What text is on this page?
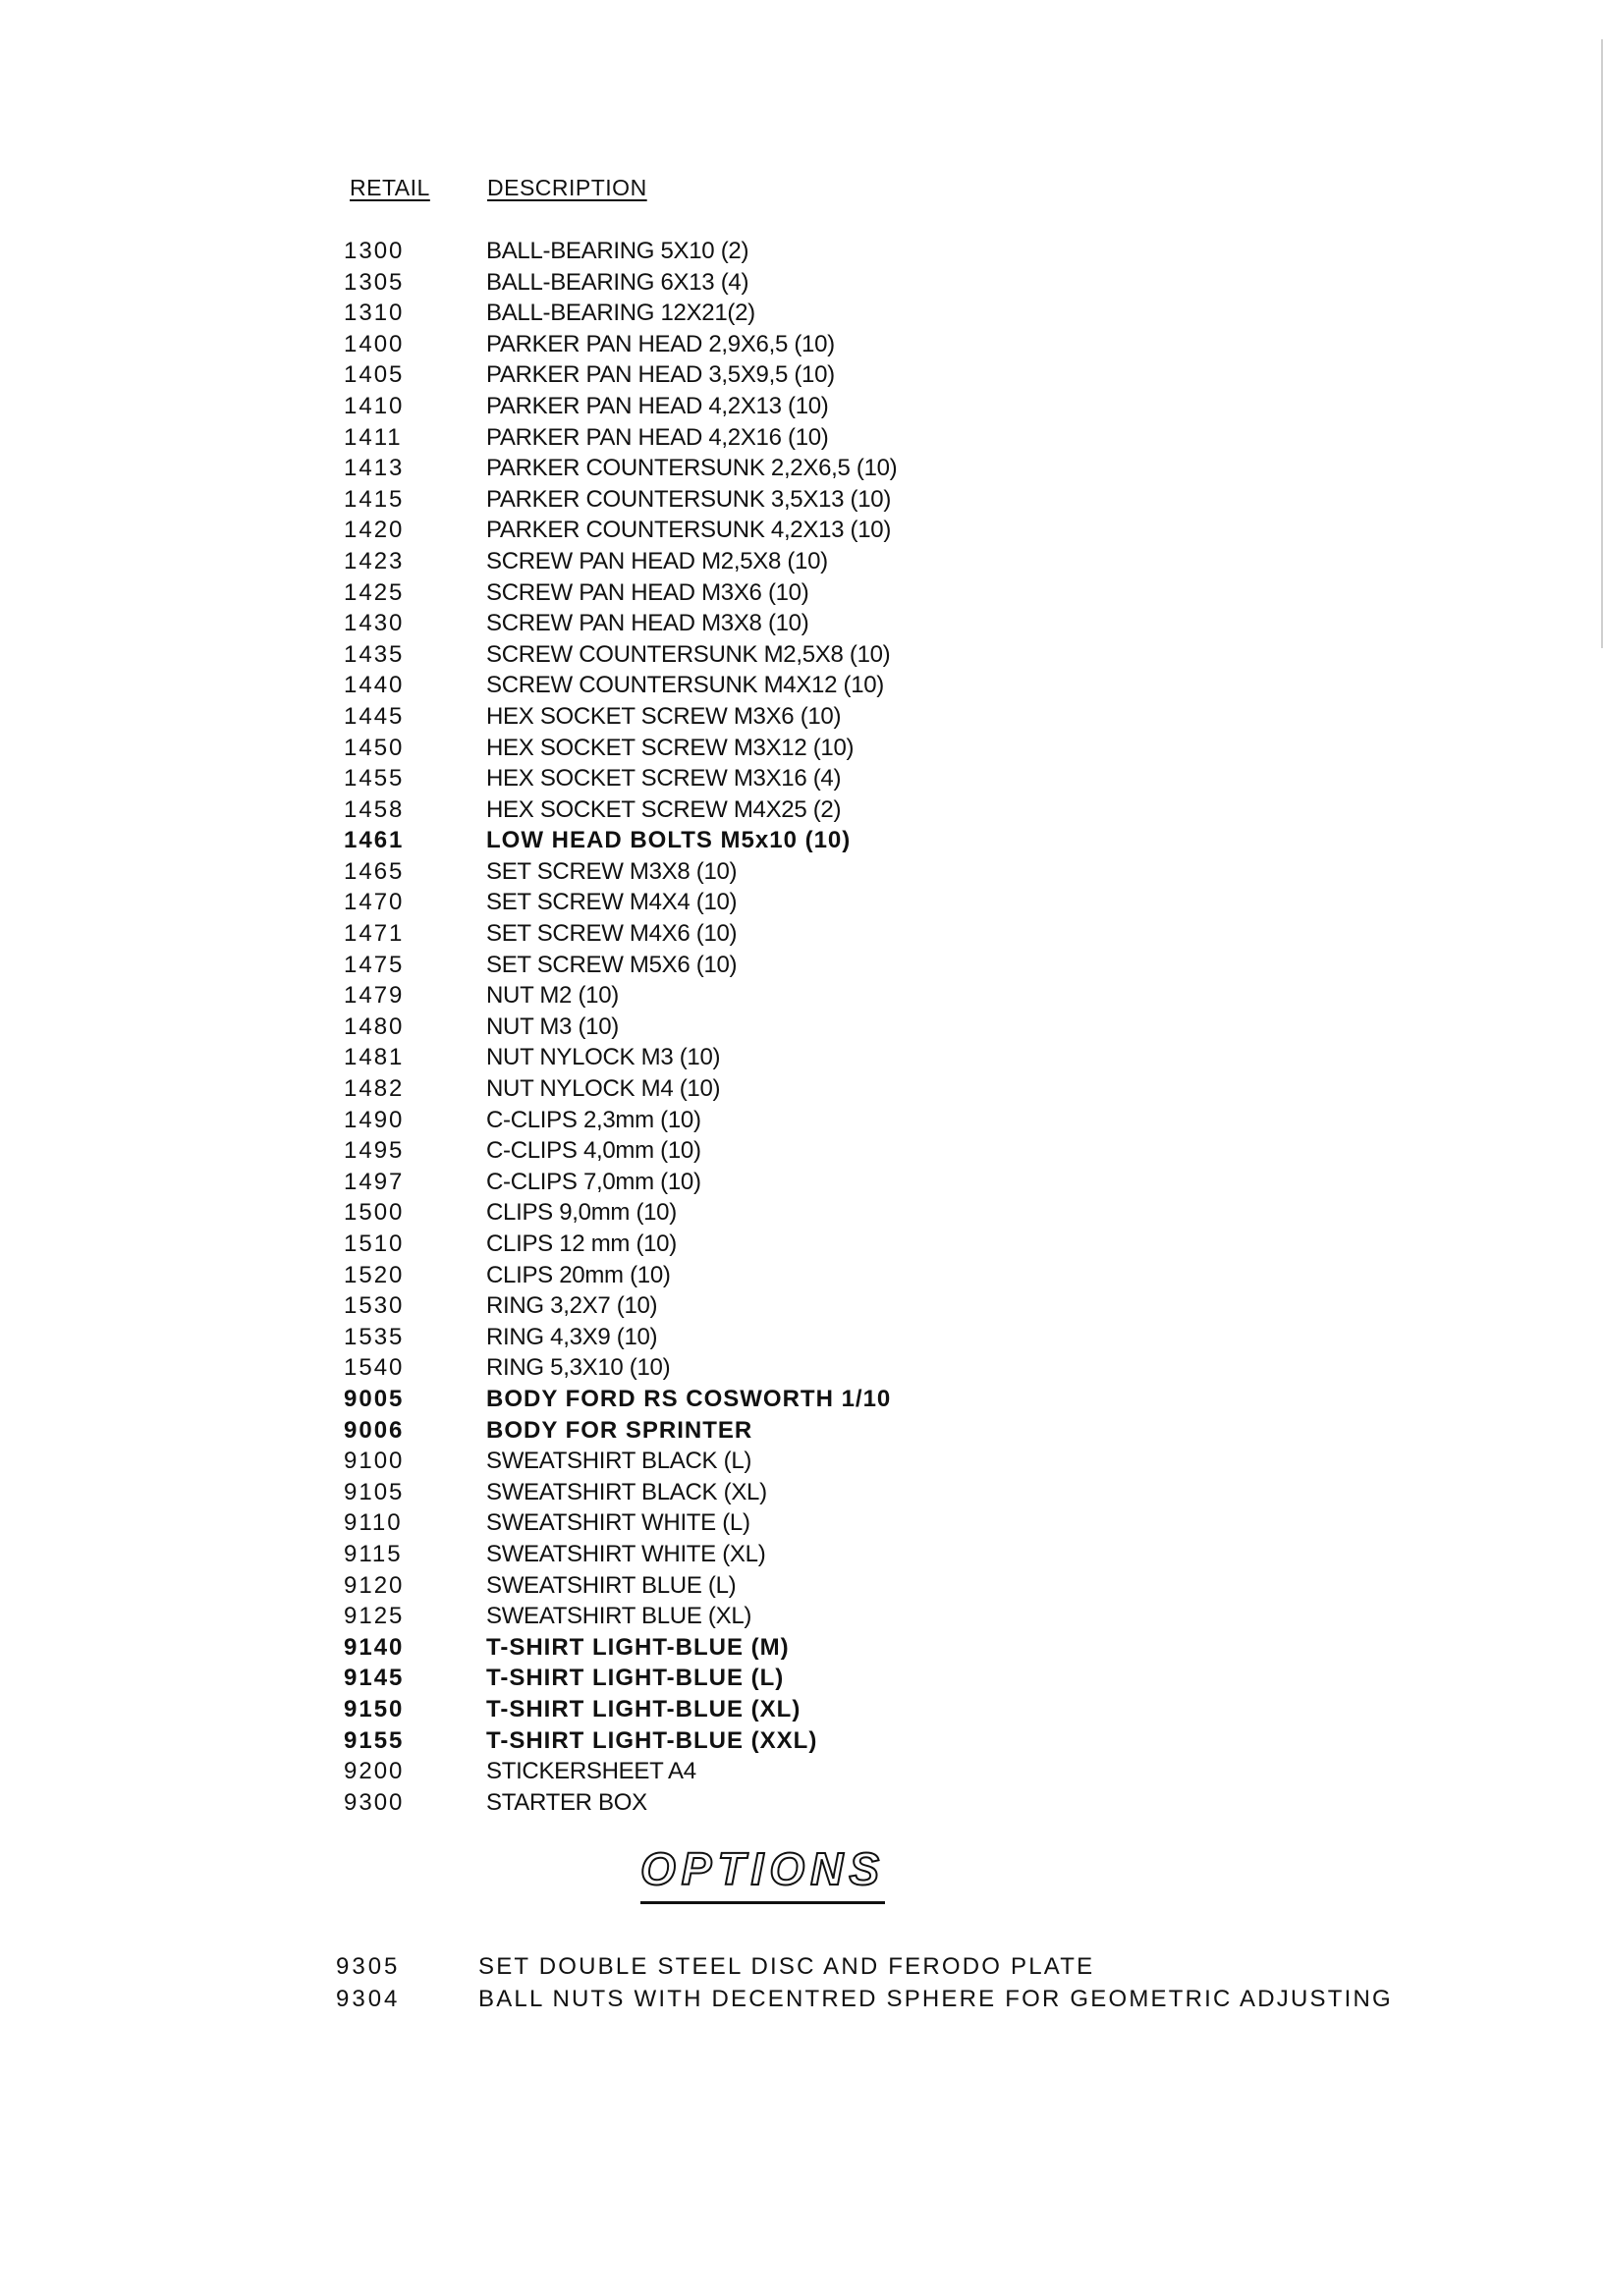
RETAIL	DESCRIPTION
1300	BALL-BEARING 5X10 (2)
1305	BALL-BEARING 6X13 (4)
1310	BALL-BEARING 12X21(2)
1400	PARKER PAN HEAD 2,9X6,5 (10)
1405	PARKER PAN HEAD 3,5X9,5 (10)
1410	PARKER PAN HEAD 4,2X13 (10)
1411	PARKER PAN HEAD 4,2X16 (10)
1413	PARKER COUNTERSUNK 2,2X6,5 (10)
1415	PARKER COUNTERSUNK 3,5X13 (10)
1420	PARKER COUNTERSUNK 4,2X13 (10)
1423	SCREW PAN HEAD M2,5X8 (10)
1425	SCREW PAN HEAD M3X6 (10)
1430	SCREW PAN HEAD M3X8 (10)
1435	SCREW COUNTERSUNK M2,5X8 (10)
1440	SCREW COUNTERSUNK M4X12 (10)
1445	HEX SOCKET SCREW M3X6 (10)
1450	HEX SOCKET SCREW M3X12 (10)
1455	HEX SOCKET SCREW M3X16 (4)
1458	HEX SOCKET SCREW M4X25 (2)
1461	LOW HEAD BOLTS M5x10 (10)
1465	SET SCREW M3X8 (10)
1470	SET SCREW M4X4 (10)
1471	SET SCREW M4X6 (10)
1475	SET SCREW M5X6 (10)
1479	NUT M2 (10)
1480	NUT M3 (10)
1481	NUT NYLOCK M3 (10)
1482	NUT NYLOCK M4 (10)
1490	C-CLIPS 2,3mm (10)
1495	C-CLIPS 4,0mm (10)
1497	C-CLIPS 7,0mm (10)
1500	CLIPS 9,0mm (10)
1510	CLIPS 12 mm (10)
1520	CLIPS 20mm (10)
1530	RING 3,2X7 (10)
1535	RING 4,3X9 (10)
1540	RING 5,3X10 (10)
9005	BODY FORD RS COSWORTH 1/10
9006	BODY FOR SPRINTER
9100	SWEATSHIRT BLACK (L)
9105	SWEATSHIRT BLACK (XL)
9110	SWEATSHIRT WHITE (L)
9115	SWEATSHIRT WHITE (XL)
9120	SWEATSHIRT BLUE (L)
9125	SWEATSHIRT BLUE (XL)
9140	T-SHIRT LIGHT-BLUE (M)
9145	T-SHIRT LIGHT-BLUE (L)
9150	T-SHIRT LIGHT-BLUE (XL)
9155	T-SHIRT LIGHT-BLUE (XXL)
9200	STICKERSHEET A4
9300	STARTER BOX
OPTIONS
9305	SET DOUBLE STEEL DISC AND FERODO PLATE
9304	BALL NUTS WITH DECENTRED SPHERE FOR GEOMETRIC ADJUSTING
